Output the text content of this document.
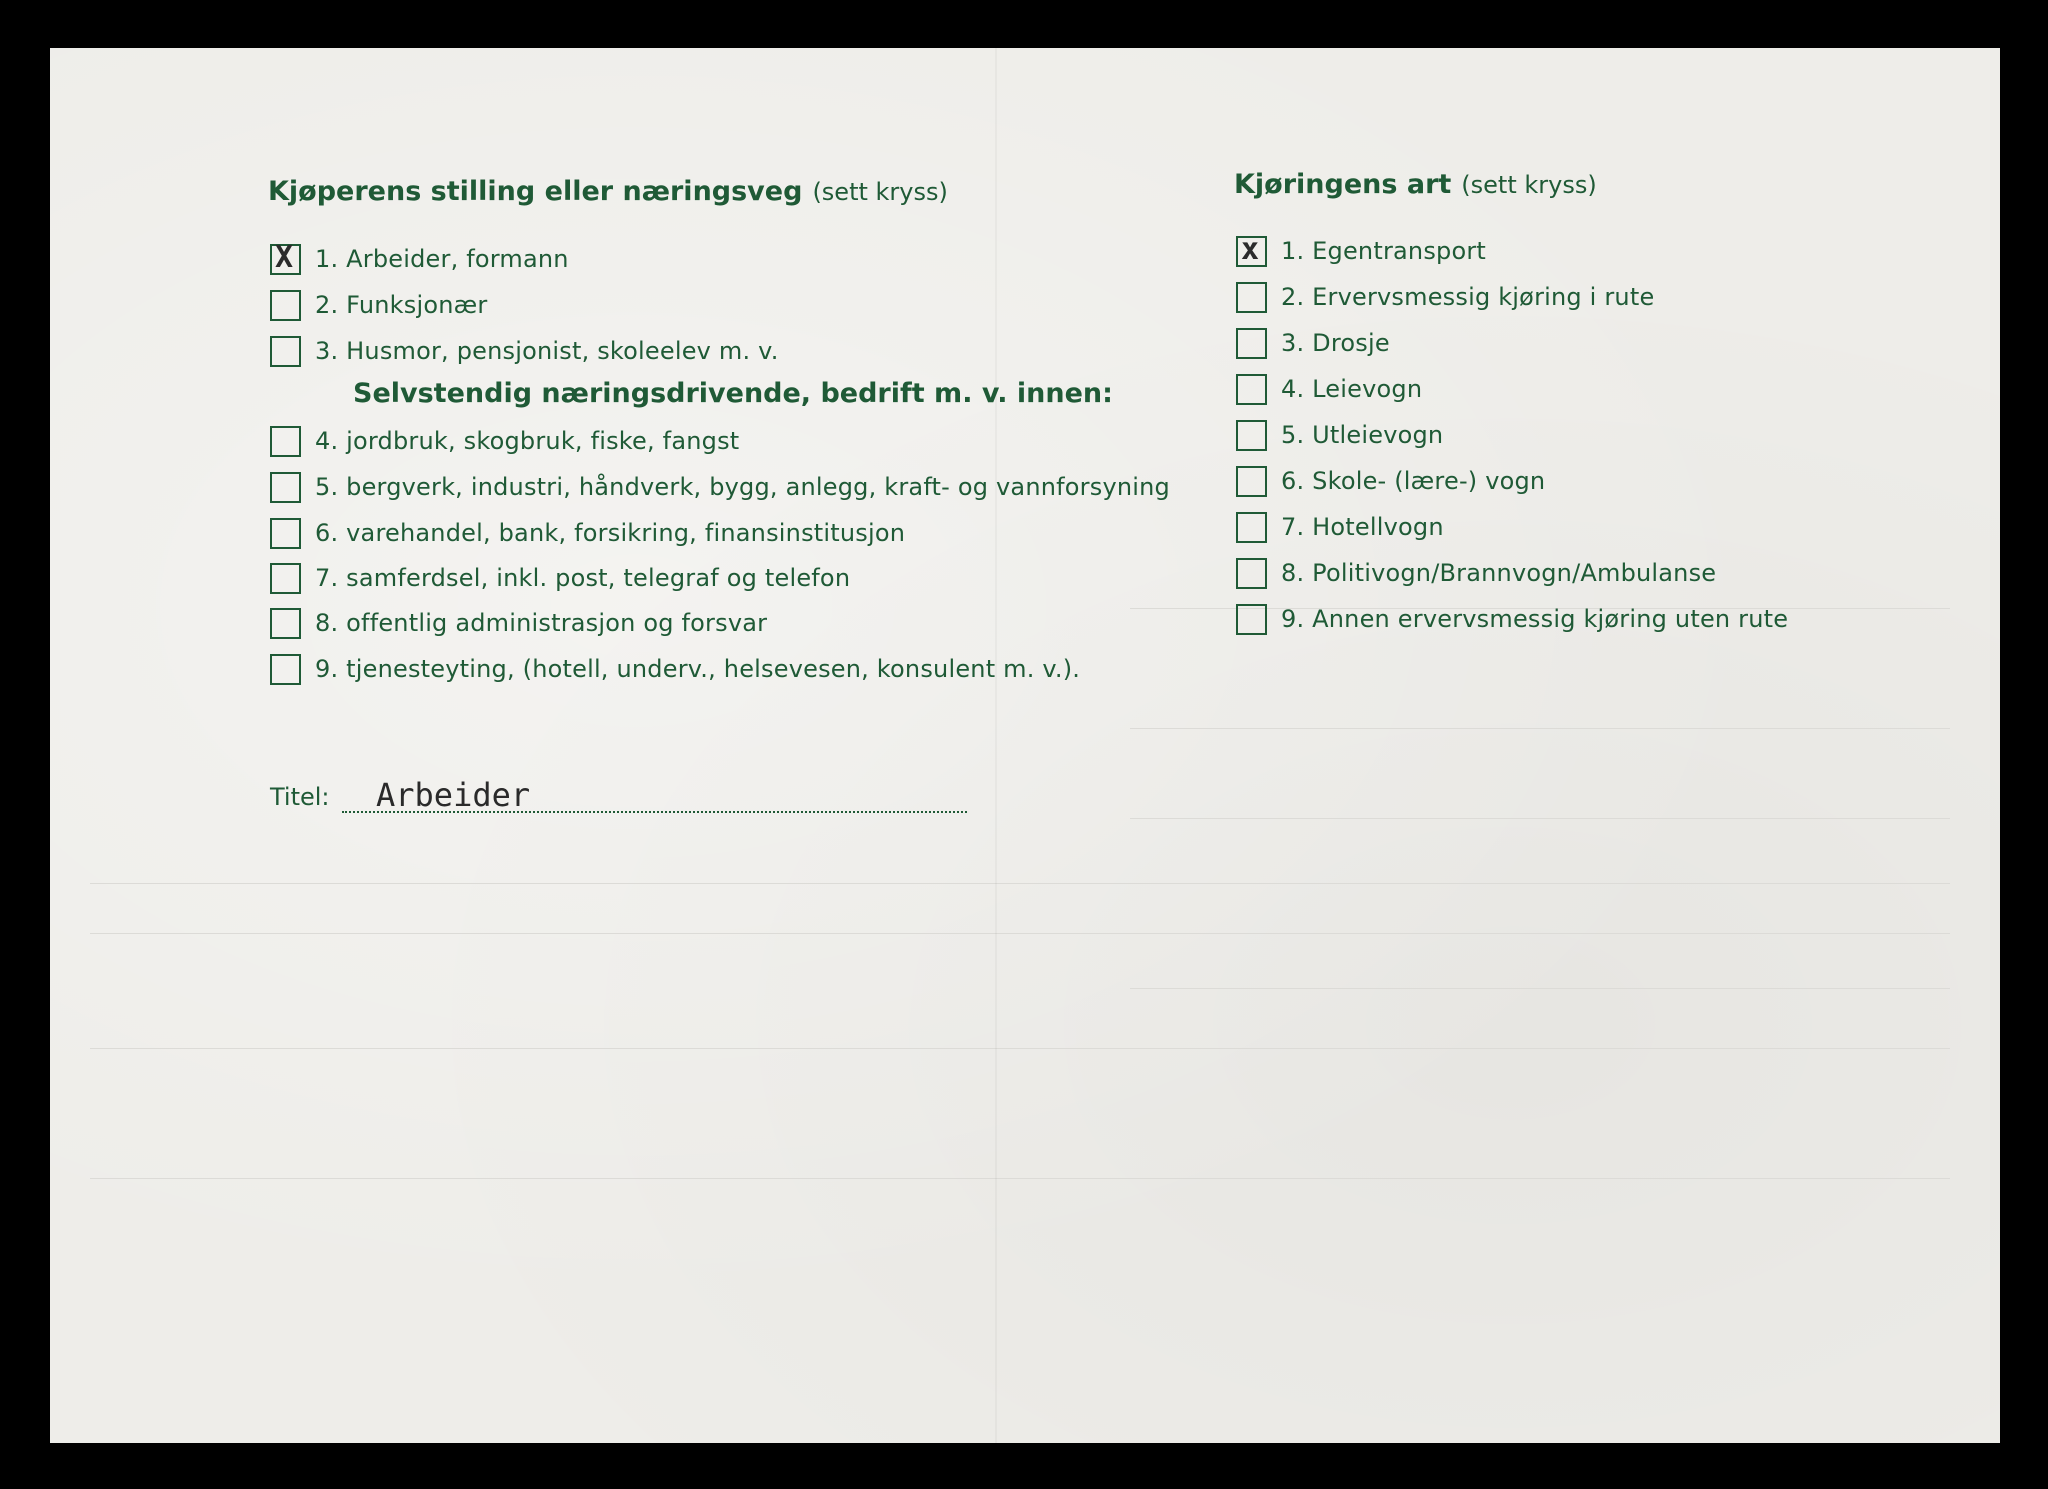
Kjøperens stilling eller næringsveg (sett kryss)
X 1. Arbeider, formann
2. Funksjonær
3. Husmor, pensjonist, skoleelev m. v.
Selvstendig næringsdrivende, bedrift m. v. innen:
4. jordbruk, skogbruk, fiske, fangst
5. bergverk, industri, håndverk, bygg, anlegg, kraft- og vannforsyning
6. varehandel, bank, forsikring, finansinstitusjon
7. samferdsel, inkl. post, telegraf og telefon
8. offentlig administrasjon og forsvar
9. tjenesteyting, (hotell, underv., helsevesen, konsulent m. v.).
Kjøringens art (sett kryss)
x 1. Egentransport
2. Ervervsmessig kjøring i rute
3. Drosje
4. Leievogn
5. Utleievogn
6. Skole- (lære-) vogn
7. Hotellvogn
8. Politivogn/Brannvogn/Ambulanse
9. Annen ervervsmessig kjøring uten rute
Titel: Arbeider
